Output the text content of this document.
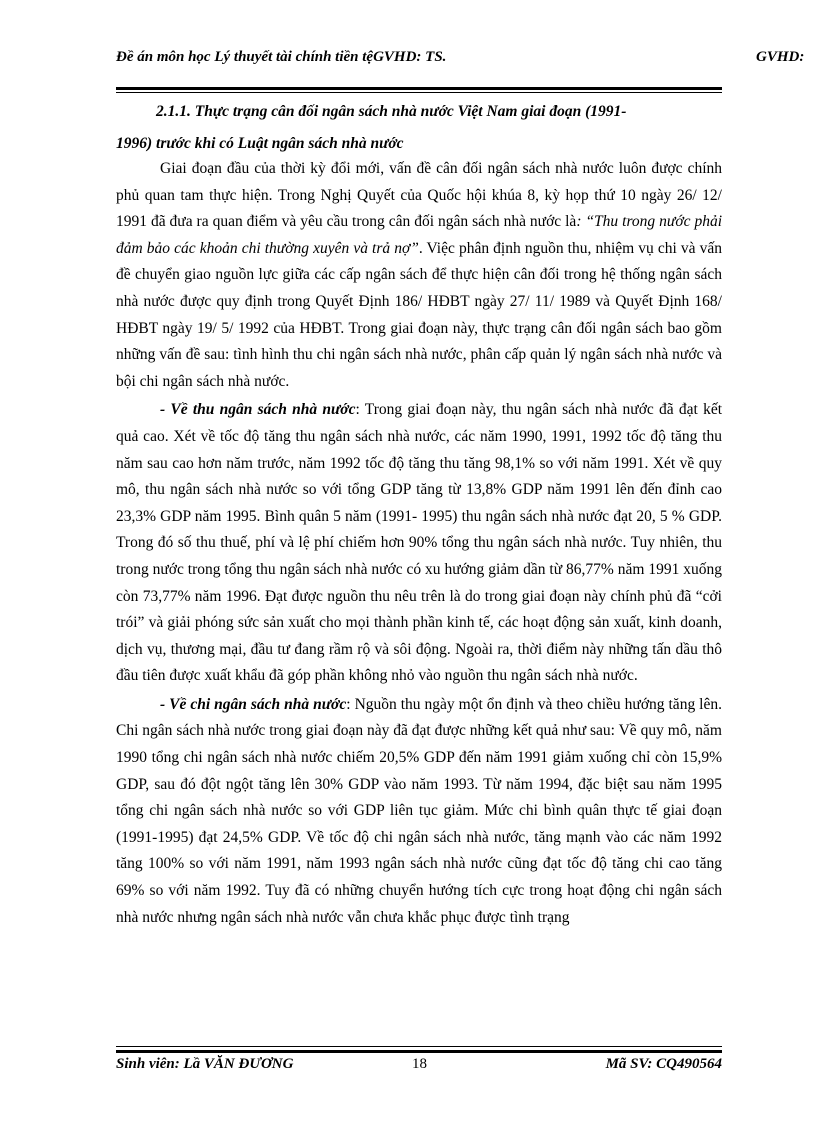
Đề án môn học Lý thuyết tài chính tiền tệGVHD: TS.	GVHD:
2.1.1. Thực trạng cân đối ngân sách nhà nước Việt Nam giai đoạn (1991-
1996) trước khi có Luật ngân sách nhà nước

Giai đoạn đầu của thời kỳ đổi mới, vấn đề cân đối ngân sách nhà nước luôn được chính phủ quan tam thực hiện. Trong Nghị Quyết của Quốc hội khúa 8, kỳ họp thứ 10 ngày 26/ 12/ 1991 đã đưa ra quan điểm và yêu cầu trong cân đối ngân sách nhà nước là: “Thu trong nước phải đảm bảo các khoản chi thường xuyên và trả nợ”. Việc phân định nguồn thu, nhiệm vụ chi và vấn đề chuyển giao nguồn lực giữa các cấp ngân sách để thực hiện cân đối trong hệ thống ngân sách nhà nước được quy định trong Quyết Định 186/ HĐBT ngày 27/ 11/ 1989 và Quyết Định 168/ HĐBT ngày 19/ 5/ 1992 của HĐBT. Trong giai đoạn này, thực trạng cân đối ngân sách bao gồm những vấn đề sau: tình hình thu chi ngân sách nhà nước, phân cấp quản lý ngân sách nhà nước và bội chi ngân sách nhà nước.

- Về thu ngân sách nhà nước: Trong giai đoạn này, thu ngân sách nhà nước đã đạt kết quả cao. Xét về tốc độ tăng thu ngân sách nhà nước, các năm 1990, 1991, 1992 tốc độ tăng thu năm sau cao hơn năm trước, năm 1992 tốc độ tăng thu tăng 98,1% so với năm 1991. Xét về quy mô, thu ngân sách nhà nước so với tổng GDP tăng từ 13,8% GDP năm 1991 lên đến đỉnh cao 23,3% GDP năm 1995. Bình quân 5 năm (1991- 1995) thu ngân sách nhà nước đạt 20, 5 % GDP. Trong đó số thu thuế, phí và lệ phí chiếm hơn 90% tổng thu ngân sách nhà nước. Tuy nhiên, thu trong nước trong tổng thu ngân sách nhà nước có xu hướng giảm dần từ 86,77% năm 1991 xuống còn 73,77% năm 1996. Đạt được nguồn thu nêu trên là do trong giai đoạn này chính phủ đã “cởi trói” và giải phóng sức sản xuất cho mọi thành phần kinh tế, các hoạt động sản xuất, kinh doanh, dịch vụ, thương mại, đầu tư đang rầm rộ và sôi động. Ngoài ra, thời điểm này những tấn dầu thô đầu tiên được xuất khẩu đã góp phần không nhỏ vào nguồn thu ngân sách nhà nước.

- Về chi ngân sách nhà nước: Nguồn thu ngày một ổn định và theo chiều hướng tăng lên. Chi ngân sách nhà nước trong giai đoạn này đã đạt được những kết quả như sau: Về quy mô, năm 1990 tổng chi ngân sách nhà nước chiếm 20,5% GDP đến năm 1991 giảm xuống chỉ còn 15,9% GDP, sau đó đột ngột tăng lên 30% GDP vào năm 1993. Từ năm 1994, đặc biệt sau năm 1995 tổng chi ngân sách nhà nước so với GDP liên tục giảm. Mức chi bình quân thực tế giai đoạn (1991-1995) đạt 24,5% GDP. Về tốc độ chi ngân sách nhà nước, tăng mạnh vào các năm 1992 tăng 100% so với năm 1991, năm 1993 ngân sách nhà nước cũng đạt tốc độ tăng chi cao tăng 69% so với năm 1992. Tuy đã có những chuyển hướng tích cực trong hoạt động chi ngân sách nhà nước nhưng ngân sách nhà nước vẫn chưa khắc phục được tình trạng

Sinh viên: Lầ VĂN ĐƯƠNG	18	Mã SV: CQ490564
